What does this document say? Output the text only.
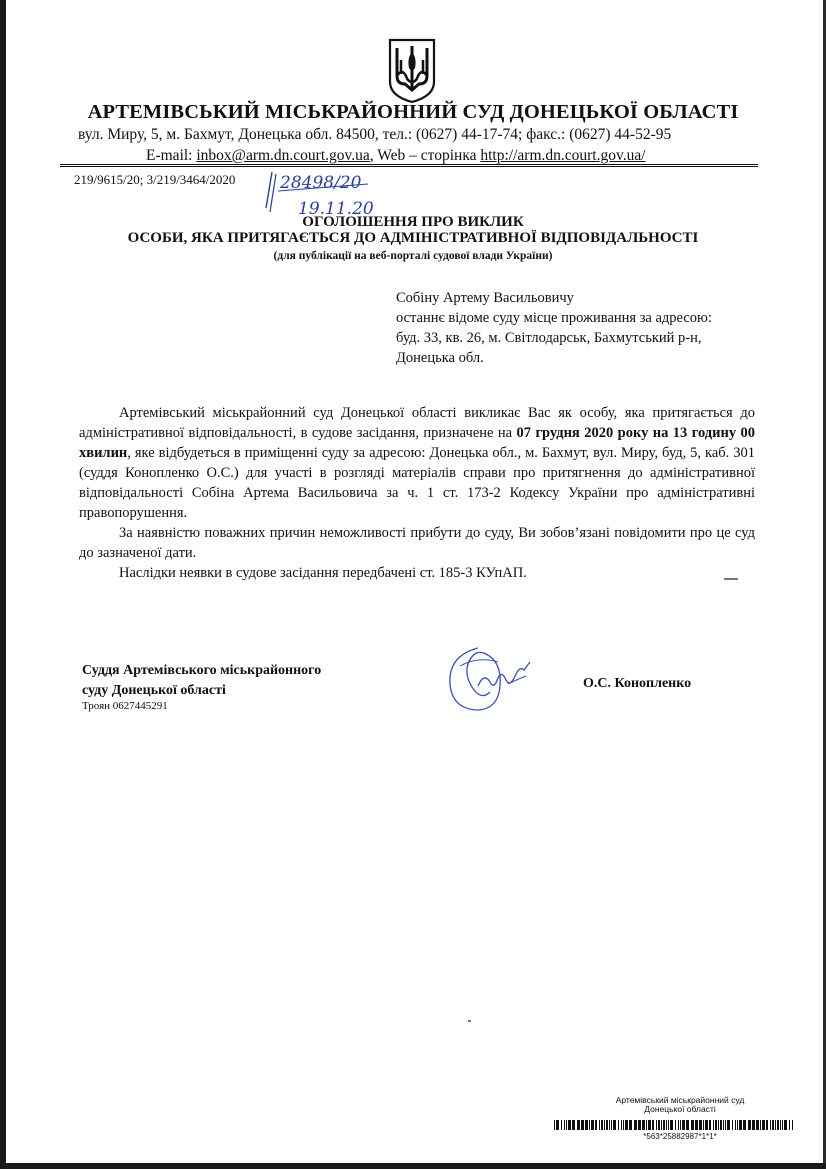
АРТЕМІВСЬКИЙ МІСЬКРАЙОННИЙ СУД ДОНЕЦЬКОЇ ОБЛАСТІ
вул. Миру, 5, м. Бахмут, Донецька обл. 84500, тел.: (0627) 44-17-74; факс.: (0627) 44-52-95
E-mail: inbox@arm.dn.court.gov.ua, Web – сторінка http://arm.dn.court.gov.ua/
219/9615/20; 3/219/3464/2020	28498/20
19.11.20
ОГОЛОШЕННЯ ПРО ВИКЛИК
ОСОБИ, ЯКА ПРИТЯГАЄТЬСЯ ДО АДМІНІСТРАТИВНОЇ ВІДПОВІДАЛЬНОСТІ
(для публікації на веб-порталі судової влади України)
Собіну Артему Васильовичу
останнє відоме суду місце проживання за адресою:
буд. 33, кв. 26, м. Світлодарськ, Бахмутський р-н,
Донецька обл.

Артемівський міськрайонний суд Донецької області викликає Вас як особу, яка притягається до адміністративної відповідальності, в судове засідання, призначене на 07 грудня 2020 року на 13 годину 00 хвилин, яке відбудеться в приміщенні суду за адресою: Донецька обл., м. Бахмут, вул. Миру, буд, 5, каб. 301 (суддя Конопленко О.С.) для участі в розгляді матеріалів справи про притягнення до адміністративної відповідальності Собіна Артема Васильовича за ч. 1 ст. 173-2 Кодексу України про адміністративні правопорушення.

За наявністю поважних причин неможливості прибути до суду, Ви зобов’язані повідомити про це суд до зазначеної дати.

Наслідки неявки в судове засідання передбачені ст. 185-3 КУпАП.

Суддя Артемівського міськрайонного
суду Донецької області
Троян 0627445291
О.С. Конопленко
Артемівський міськрайонний суд
Донецької області
*563*25882987*1*1*
